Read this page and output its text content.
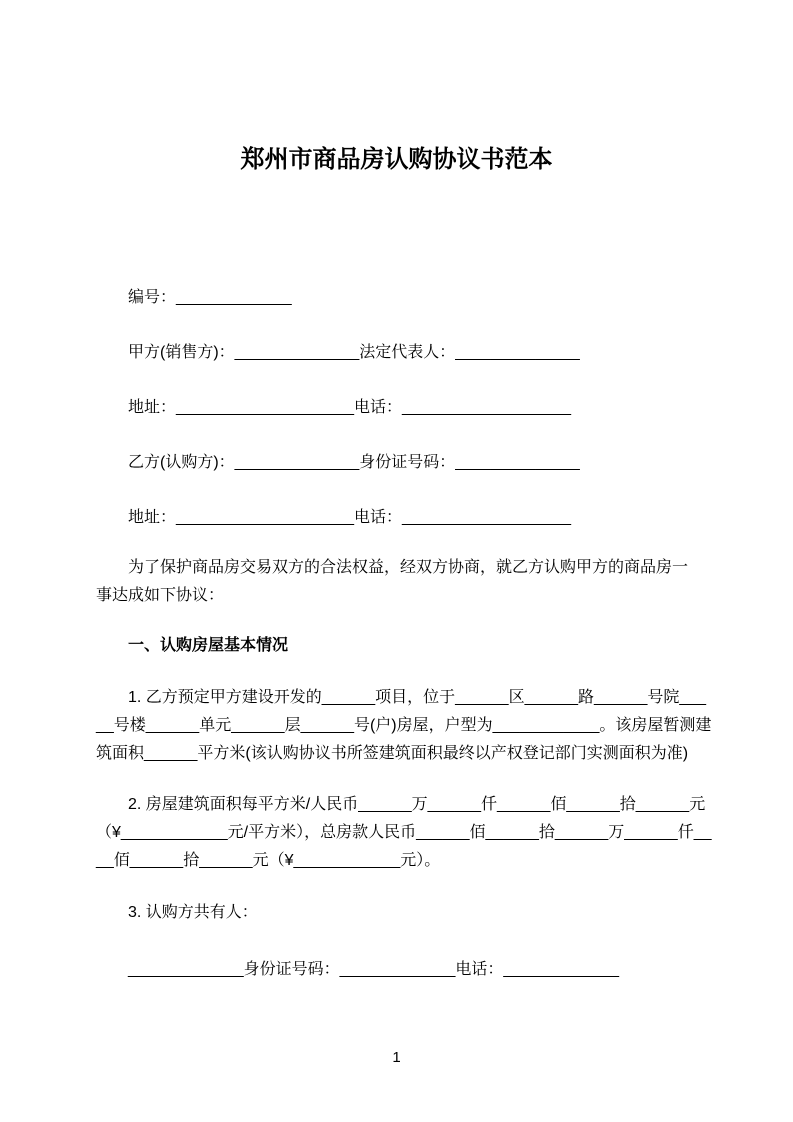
郑州市商品房认购协议书范本
编号：_____________
甲方(销售方)：______________法定代表人：______________
地址：____________________电话：___________________
乙方(认购方)：______________身份证号码：______________
地址：____________________电话：___________________
为了保护商品房交易双方的合法权益，经双方协商，就乙方认购甲方的商品房一
事达成如下协议：
一、认购房屋基本情况
1. 乙方预定甲方建设开发的______项目，位于______区______路______号院___
__号楼______单元______层______号(户)房屋，户型为____________。该房屋暂测建
筑面积______平方米(该认购协议书所签建筑面积最终以产权登记部门实测面积为准)
2. 房屋建筑面积每平方米/人民币______万______仟______佰______拾______元
（¥____________元/平方米），总房款人民币______佰______拾______万______仟__
__佰______拾______元（¥____________元）。
3. 认购方共有人：
_____________身份证号码：_____________电话：_____________
1
